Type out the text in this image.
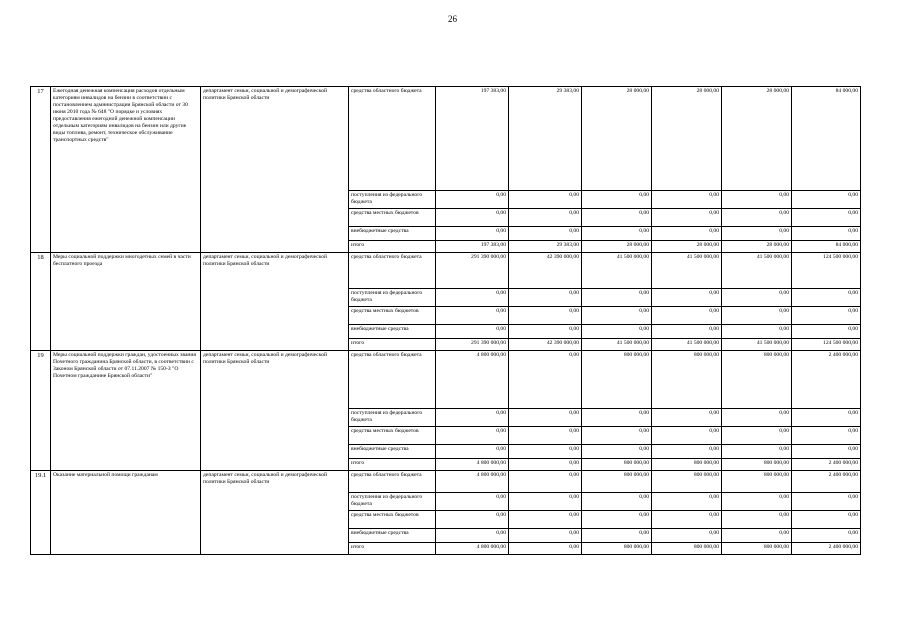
26
17	Ежегодная денежная компенсация расходов отдельным категориям инвалидов на бензин в соответствии с постановлением администрации Брянской области от 30 июня 2010 года № 648 "О порядке и условиях предоставления ежегодной денежной компенсации отдельным категориям инвалидов на бензин или другие виды топлива, ремонт, техническое обслуживание транспортных средств"	департамент семьи, социальной и демографической политики Брянской области	средства областного бюджета	197 383,00	29 383,00	28 000,00	28 000,00	28 000,00	84 000,00
			поступления из федерального бюджета	0,00	0,00	0,00	0,00	0,00	0,00
			средства местных бюджетов	0,00	0,00	0,00	0,00	0,00	0,00
			внебюджетные средства	0,00	0,00	0,00	0,00	0,00	0,00
			итого	197 383,00	29 383,00	28 000,00	28 000,00	28 000,00	84 000,00
18	Меры социальной поддержки многодетных семей в части бесплатного проезда	департамент семьи, социальной и демографической политики Брянской области	средства областного бюджета	291 390 000,00	42 390 000,00	41 500 000,00	41 500 000,00	41 500 000,00	124 500 000,00
			поступления из федерального бюджета	0,00	0,00	0,00	0,00	0,00	0,00
			средства местных бюджетов	0,00	0,00	0,00	0,00	0,00	0,00
			внебюджетные средства	0,00	0,00	0,00	0,00	0,00	0,00
			итого	291 390 000,00	42 390 000,00	41 500 000,00	41 500 000,00	41 500 000,00	124 500 000,00
19	Меры социальной поддержки граждан, удостоенных звания Почетного гражданина Брянской области, в соответствии с Законом Брянской области от 07.11.2007 № 150-З "О Почетном гражданине Брянской области"	департамент семьи, социальной и демографической политики Брянской области	средства областного бюджета	4 800 000,00	0,00	800 000,00	800 000,00	800 000,00	2 400 000,00
			поступления из федерального бюджета	0,00	0,00	0,00	0,00	0,00	0,00
			средства местных бюджетов	0,00	0,00	0,00	0,00	0,00	0,00
			внебюджетные средства	0,00	0,00	0,00	0,00	0,00	0,00
			итого	4 800 000,00	0,00	800 000,00	800 000,00	800 000,00	2 400 000,00
19.1	Оказание материальной помощи гражданам	департамент семьи, социальной и демографической политики Брянской области	средства областного бюджета	4 800 000,00	0,00	800 000,00	800 000,00	800 000,00	2 400 000,00
			поступления из федерального бюджета	0,00	0,00	0,00	0,00	0,00	0,00
			средства местных бюджетов	0,00	0,00	0,00	0,00	0,00	0,00
			внебюджетные средства	0,00	0,00	0,00	0,00	0,00	0,00
			итого	4 800 000,00	0,00	800 000,00	800 000,00	800 000,00	2 400 000,00
